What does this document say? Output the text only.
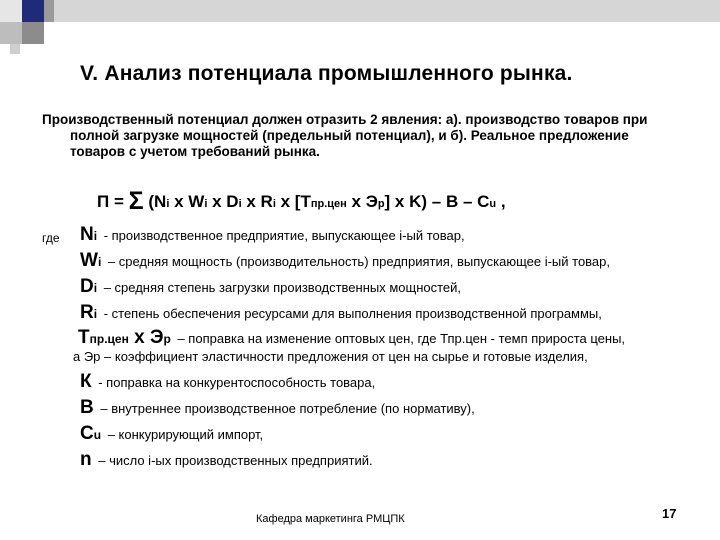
V. Анализ потенциала промышленного рынка.
Производственный потенциал должен отразить 2 явления: а). производство товаров при
полной загрузке мощностей (предельный потенциал), и б). Реальное предложение
товаров с учетом требований рынка.
П = Σ (Ni x Wi x Di x Ri x [Tпр.цен x Эр] x K) – B – Cu ,
где Ni - производственное предприятие, выпускающее i-ый товар,
Wi – средняя мощность (производительность) предприятия, выпускающее i-ый товар,
Di – средняя степень загрузки производственных мощностей,
Ri - степень обеспечения ресурсами для выполнения производственной программы,
Tпр.цен x Эр – поправка на изменение оптовых цен, где Тпр.цен - темп прироста цены,
а Эр – коэффициент эластичности предложения от цен на сырье и готовые изделия,
К - поправка на конкурентоспособность товара,
В – внутреннее производственное потребление (по нормативу),
Сu – конкурирующий импорт,
n – число i-ых производственных предприятий.
Кафедра маркетинга РМЦПК	17
